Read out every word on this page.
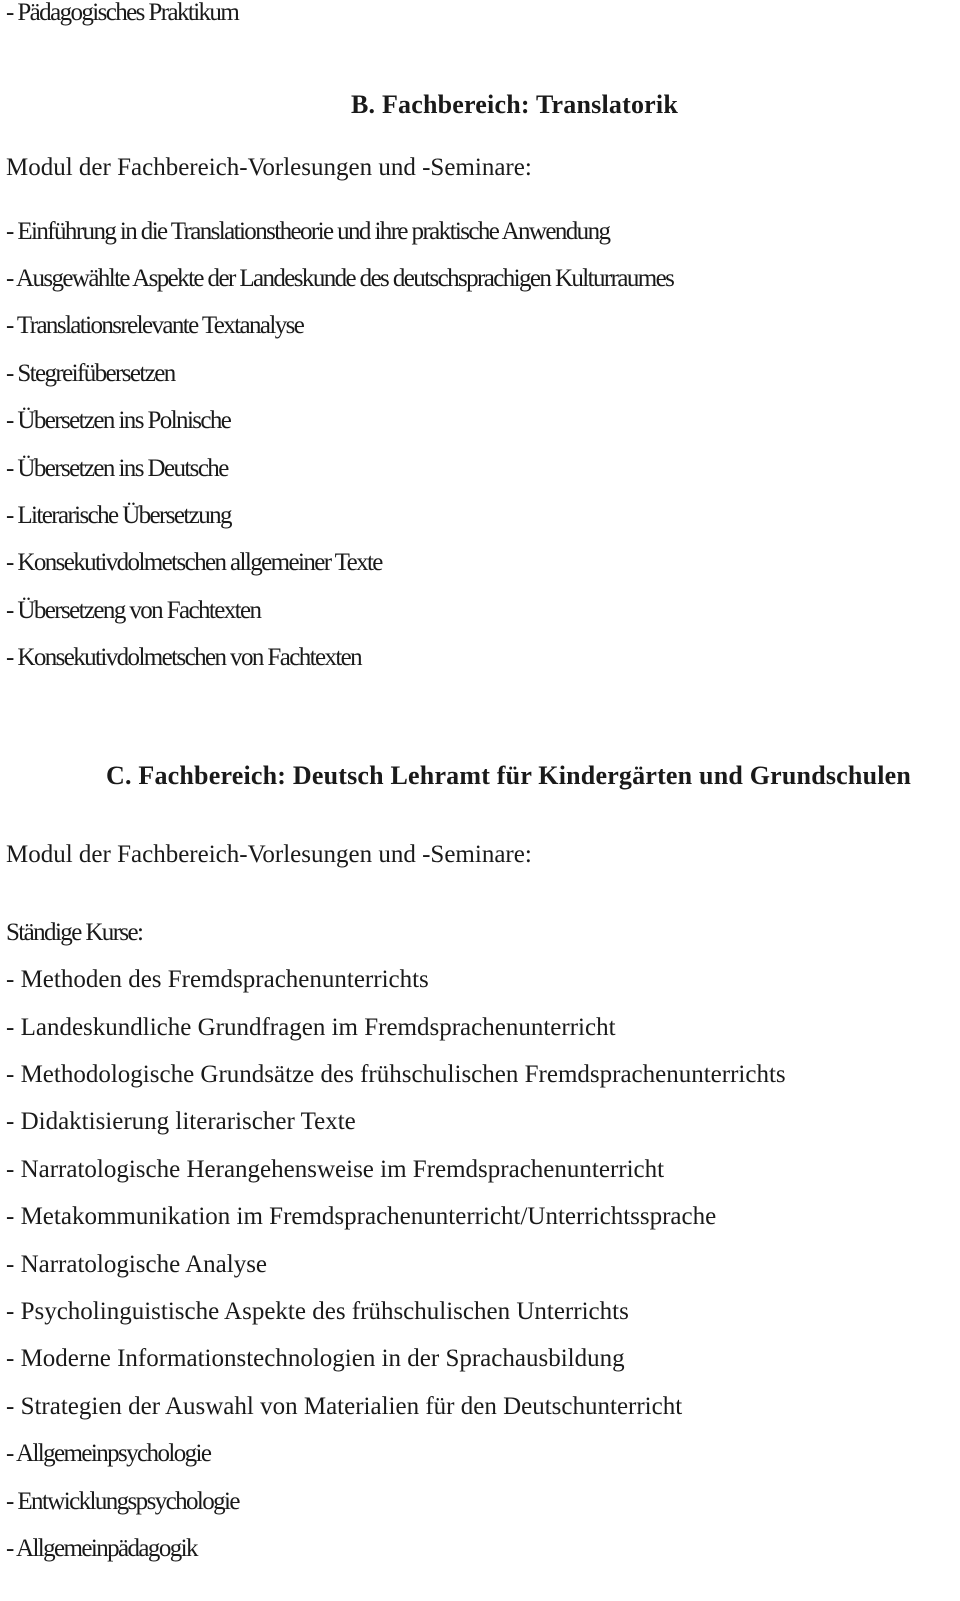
- Pädagogisches Praktikum
B. Fachbereich: Translatorik
Modul der Fachbereich-Vorlesungen und -Seminare:
- Einführung in die Translationstheorie und ihre praktische Anwendung
- Ausgewählte Aspekte der Landeskunde des deutschsprachigen Kulturraumes
- Translationsrelevante Textanalyse
- Stegreifübersetzen
- Übersetzen ins Polnische
- Übersetzen ins Deutsche
- Literarische Übersetzung
- Konsekutivdolmetschen allgemeiner Texte
- Übersetzeng von Fachtexten
- Konsekutivdolmetschen von Fachtexten
C. Fachbereich: Deutsch Lehramt für Kindergärten und Grundschulen
Modul der Fachbereich-Vorlesungen und -Seminare:
Ständige Kurse:
- Methoden des Fremdsprachenunterrichts
- Landeskundliche Grundfragen im Fremdsprachenunterricht
- Methodologische Grundsätze des frühschulischen Fremdsprachenunterrichts
- Didaktisierung literarischer Texte
- Narratologische Herangehensweise im Fremdsprachenunterricht
- Metakommunikation im Fremdsprachenunterricht/Unterrichtssprache
- Narratologische Analyse
- Psycholinguistische Aspekte des frühschulischen Unterrichts
- Moderne Informationstechnologien in der Sprachausbildung
- Strategien der Auswahl von Materialien für den Deutschunterricht
- Allgemeinpsychologie
- Entwicklungspsychologie
- Allgemeinpädagogik
